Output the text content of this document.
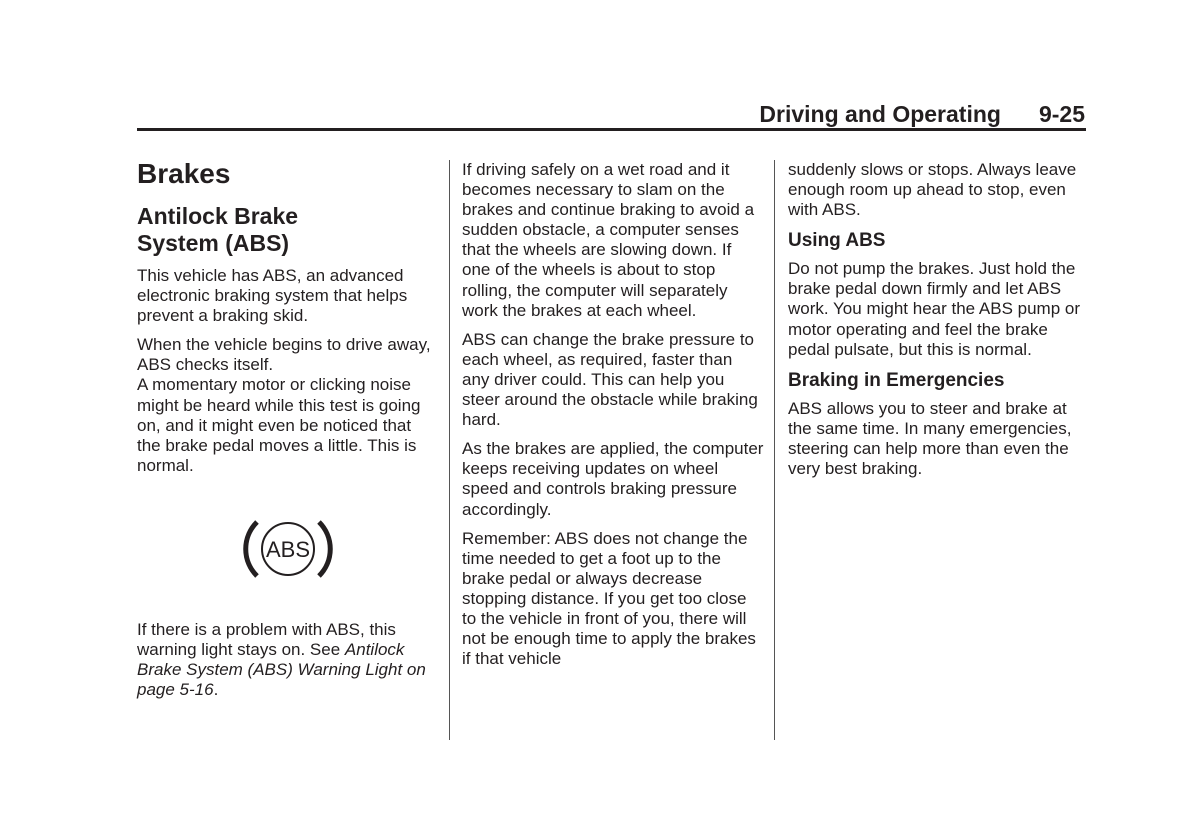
Driving and Operating 9-25
Brakes
Antilock Brake
System (ABS)

This vehicle has ABS, an advanced electronic braking system that helps prevent a braking skid.

When the vehicle begins to drive away, ABS checks itself.

A momentary motor or clicking noise might be heard while this test is going on, and it might even be noticed that the brake pedal moves a little. This is normal.

ABS

If there is a problem with ABS, this warning light stays on. See Antilock Brake System (ABS) Warning Light on page 5-16.

If driving safely on a wet road and it becomes necessary to slam on the brakes and continue braking to avoid a sudden obstacle, a computer senses that the wheels are slowing down. If one of the wheels is about to stop rolling, the computer will separately work the brakes at each wheel.

ABS can change the brake pressure to each wheel, as required, faster than any driver could. This can help you steer around the obstacle while braking hard.

As the brakes are applied, the computer keeps receiving updates on wheel speed and controls braking pressure accordingly.

Remember: ABS does not change the time needed to get a foot up to the brake pedal or always decrease stopping distance. If you get too close to the vehicle in front of you, there will not be enough time to apply the brakes if that vehicle

suddenly slows or stops. Always leave enough room up ahead to stop, even with ABS.

Using ABS

Do not pump the brakes. Just hold the brake pedal down firmly and let ABS work. You might hear the ABS pump or motor operating and feel the brake pedal pulsate, but this is normal.

Braking in Emergencies

ABS allows you to steer and brake at the same time. In many emergencies, steering can help more than even the very best braking.
